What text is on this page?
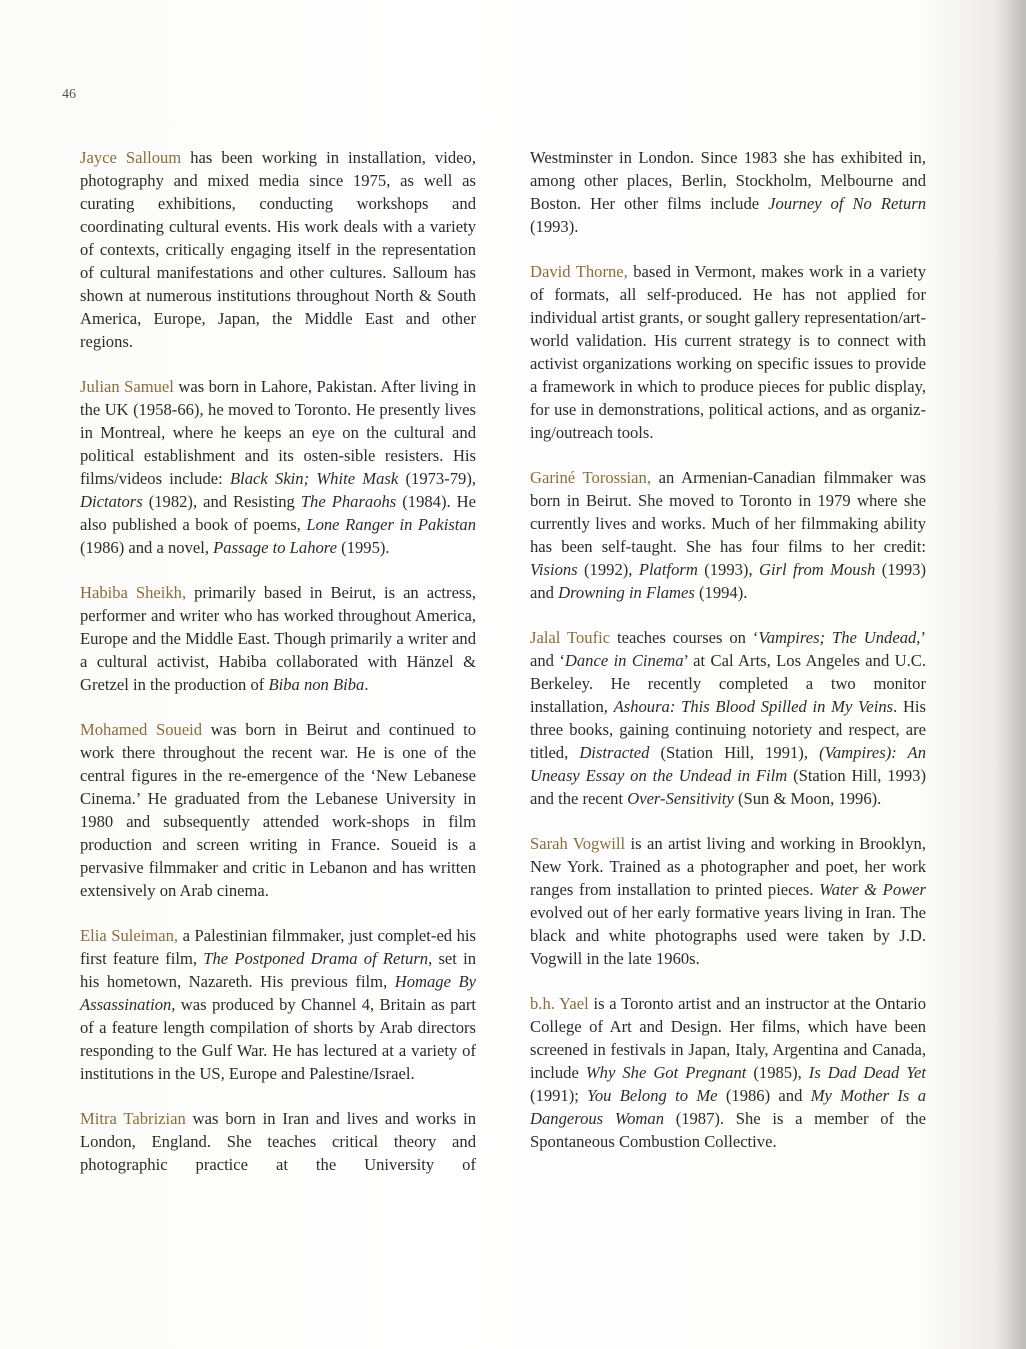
46

Jayce Salloum has been working in installation, video, photography and mixed media since 1975, as well as curating exhibitions, conducting workshops and coordinating cultural events. His work deals with a variety of contexts, critically engaging itself in the representation of cultural manifestations and other cultures. Salloum has shown at numerous institutions throughout North & South America, Europe, Japan, the Middle East and other regions.

Julian Samuel was born in Lahore, Pakistan. After living in the UK (1958-66), he moved to Toronto. He presently lives in Montreal, where he keeps an eye on the cultural and political establishment and its osten-sible resisters. His films/videos include: Black Skin; White Mask (1973-79), Dictators (1982), and Resisting The Pharaohs (1984). He also published a book of poems, Lone Ranger in Pakistan (1986) and a novel, Passage to Lahore (1995).

Habiba Sheikh, primarily based in Beirut, is an actress, performer and writer who has worked throughout America, Europe and the Middle East. Though primarily a writer and a cultural activist, Habiba collaborated with Hänzel & Gretzel in the production of Biba non Biba.

Mohamed Soueid was born in Beirut and continued to work there throughout the recent war. He is one of the central figures in the re-emergence of the ‘New Lebanese Cinema.’ He graduated from the Lebanese University in 1980 and subsequently attended work-shops in film production and screen writing in France. Soueid is a pervasive filmmaker and critic in Lebanon and has written extensively on Arab cinema.

Elia Suleiman, a Palestinian filmmaker, just complet-ed his first feature film, The Postponed Drama of Return, set in his hometown, Nazareth. His previous film, Homage By Assassination, was produced by Channel 4, Britain as part of a feature length compilation of shorts by Arab directors responding to the Gulf War. He has lectured at a variety of institutions in the US, Europe and Palestine/Israel.

Mitra Tabrizian was born in Iran and lives and works in London, England. She teaches critical theory and photographic practice at the University of

Westminster in London. Since 1983 she has exhibited in, among other places, Berlin, Stockholm, Melbourne and Boston. Her other films include Journey of No Return (1993).

David Thorne, based in Vermont, makes work in a variety of formats, all self-produced. He has not applied for individual artist grants, or sought gallery representation/art-world validation. His current strategy is to connect with activist organizations working on specific issues to provide a framework in which to produce pieces for public display, for use in demonstrations, political actions, and as organiz-ing/outreach tools.

Gariné Torossian, an Armenian-Canadian filmmaker was born in Beirut. She moved to Toronto in 1979 where she currently lives and works. Much of her filmmaking ability has been self-taught. She has four films to her credit: Visions (1992), Platform (1993), Girl from Moush (1993) and Drowning in Flames (1994).

Jalal Toufic teaches courses on ‘Vampires; The Undead,’ and ‘Dance in Cinema’ at Cal Arts, Los Angeles and U.C. Berkeley. He recently completed a two monitor installation, Ashoura: This Blood Spilled in My Veins. His three books, gaining continuing notoriety and respect, are titled, Distracted (Station Hill, 1991), (Vampires): An Uneasy Essay on the Undead in Film (Station Hill, 1993) and the recent Over-Sensitivity (Sun & Moon, 1996).

Sarah Vogwill is an artist living and working in Brooklyn, New York. Trained as a photographer and poet, her work ranges from installation to printed pieces. Water & Power evolved out of her early formative years living in Iran. The black and white photographs used were taken by J.D. Vogwill in the late 1960s.

b.h. Yael is a Toronto artist and an instructor at the Ontario College of Art and Design. Her films, which have been screened in festivals in Japan, Italy, Argentina and Canada, include Why She Got Pregnant (1985), Is Dad Dead Yet (1991); You Belong to Me (1986) and My Mother Is a Dangerous Woman (1987). She is a member of the Spontaneous Combustion Collective.
